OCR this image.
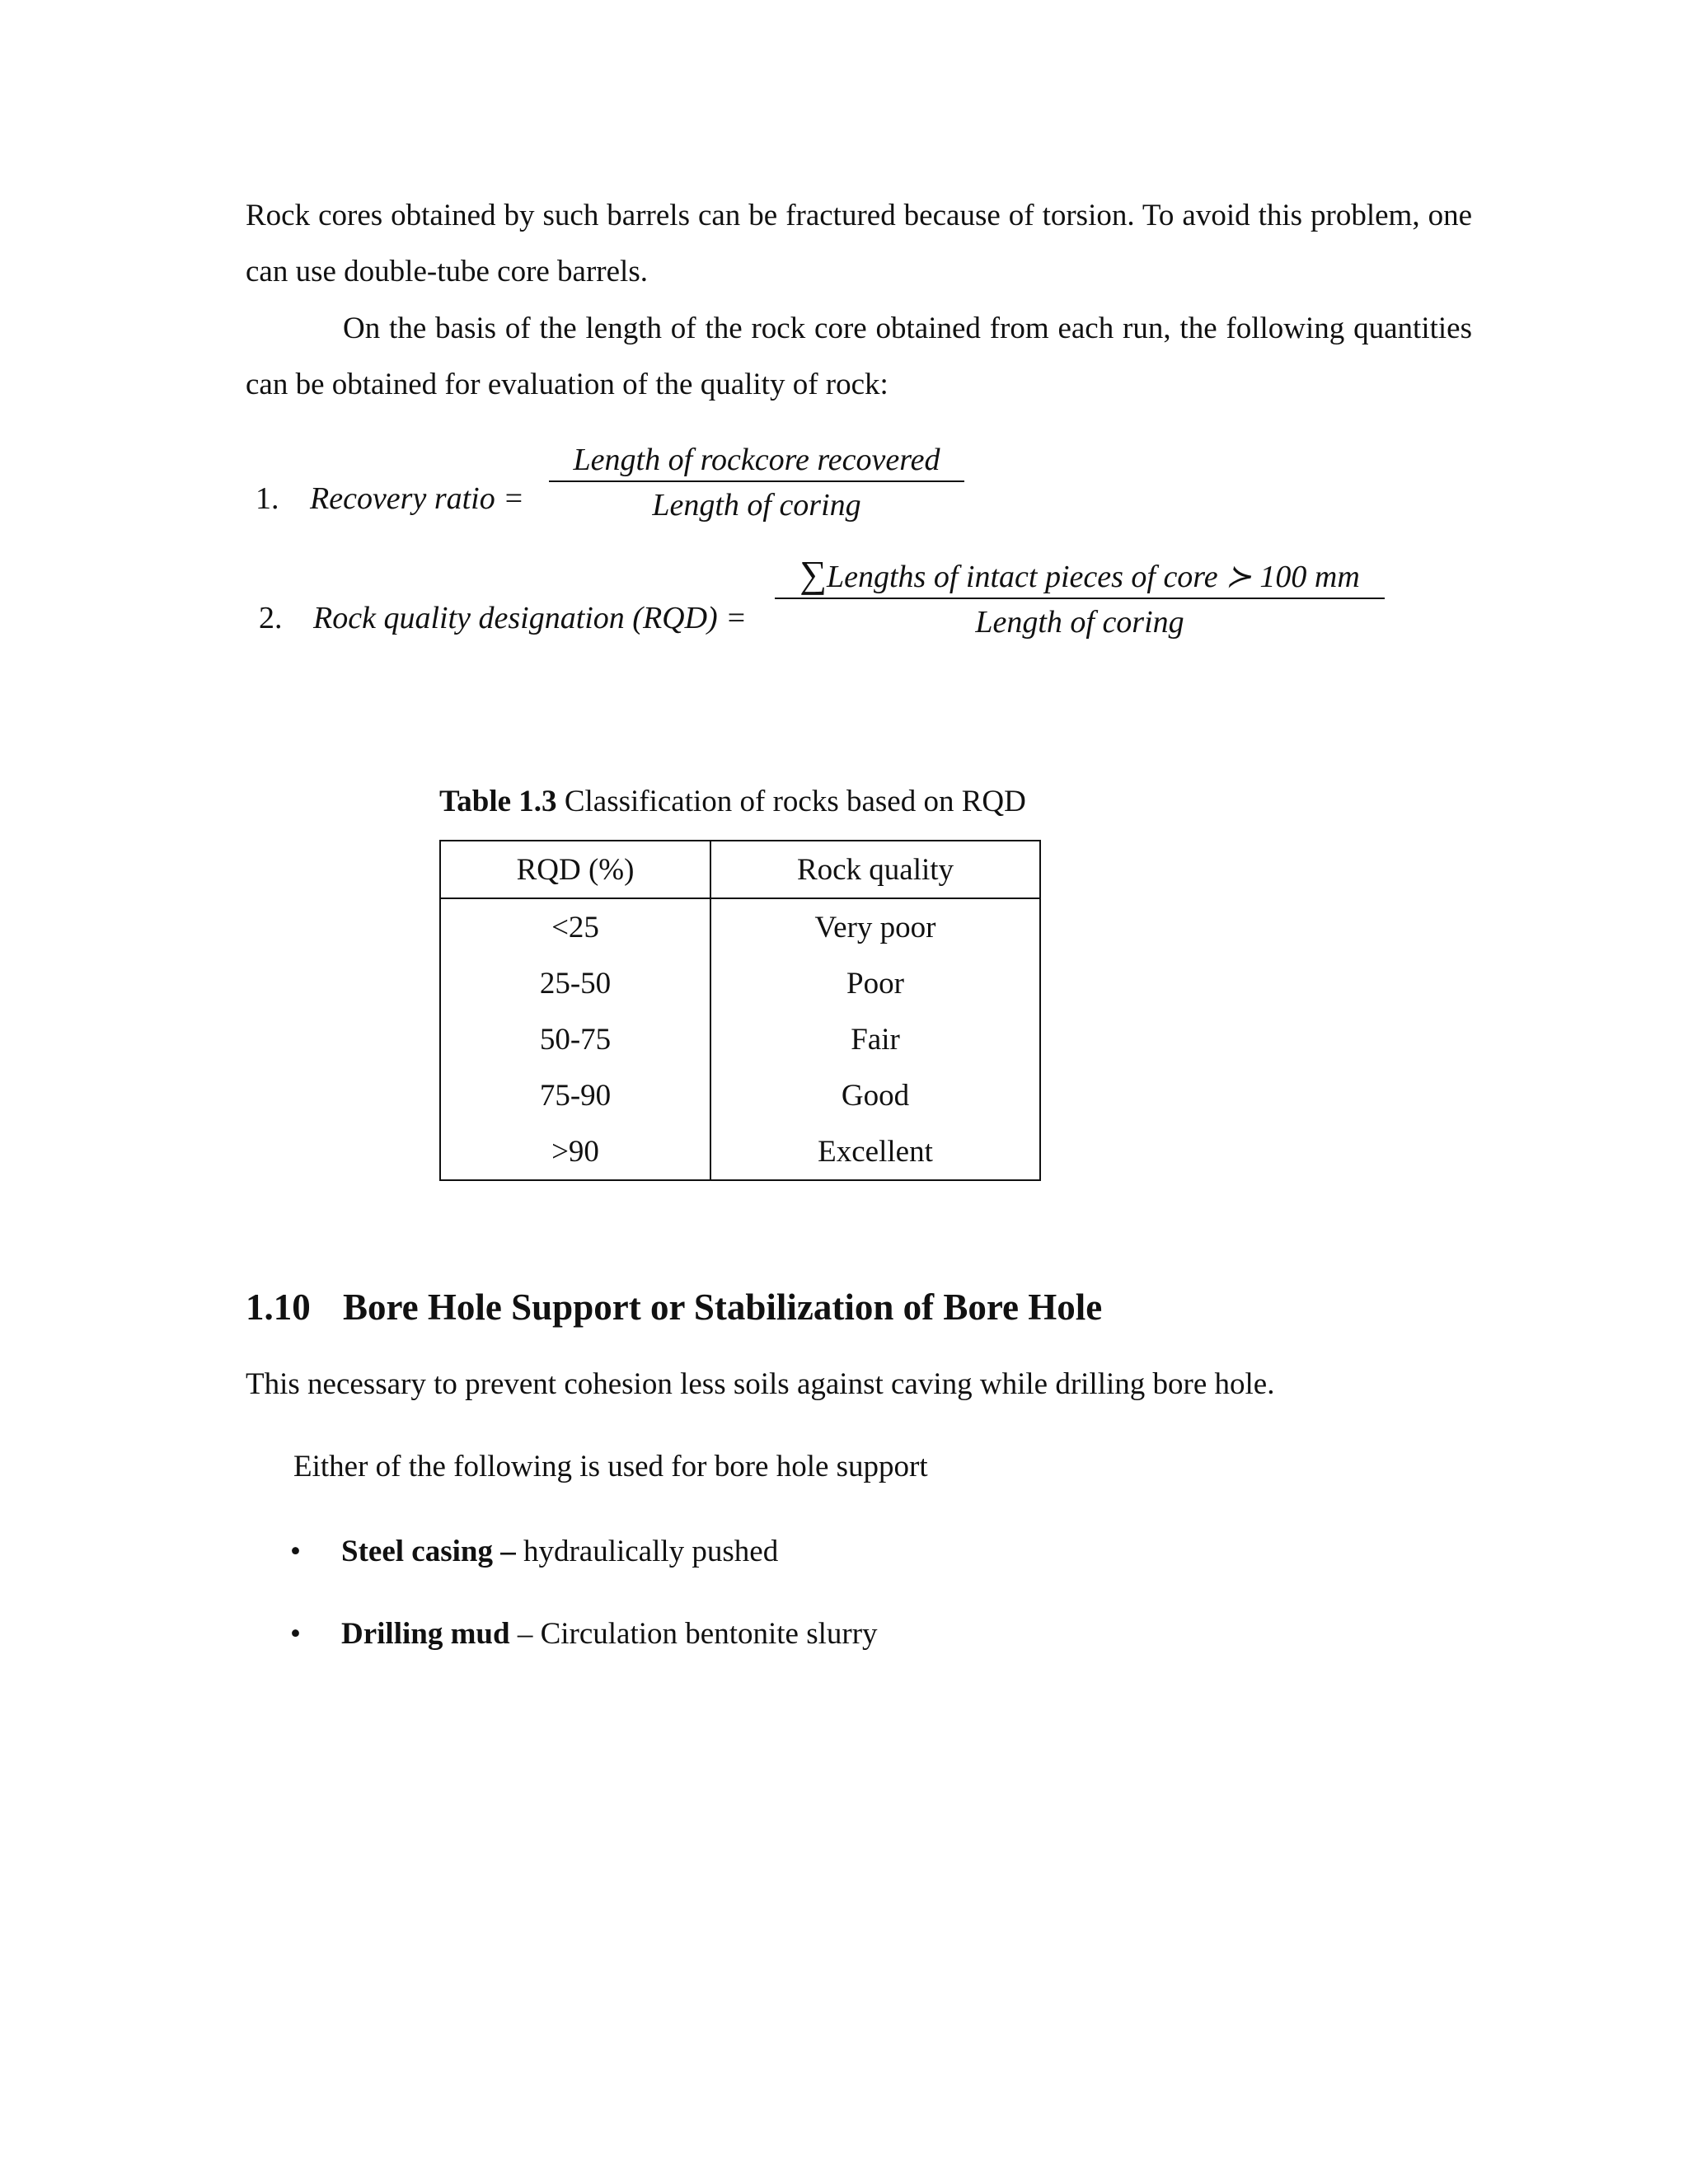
Rock cores obtained by such barrels can be fractured because of torsion. To avoid this problem, one can use double-tube core barrels.
On the basis of the length of the rock core obtained from each run, the following quantities can be obtained for evaluation of the quality of rock:
1. Recovery ratio =
Length of rockcore recovered
Length of coring
2. Rock quality designation (RQD) =
∑Lengths of intact pieces of core ≻ 100 mm
Length of coring
Table 1.3 Classification of rocks based on RQD
RQD (%)	Rock quality
<25	Very poor
25-50	Poor
50-75	Fair
75-90	Good
>90	Excellent
1.10 Bore Hole Support or Stabilization of Bore Hole
This necessary to prevent cohesion less soils against caving while drilling bore hole.
Either of the following is used for bore hole support
• Steel casing – hydraulically pushed
• Drilling mud – Circulation bentonite slurry
